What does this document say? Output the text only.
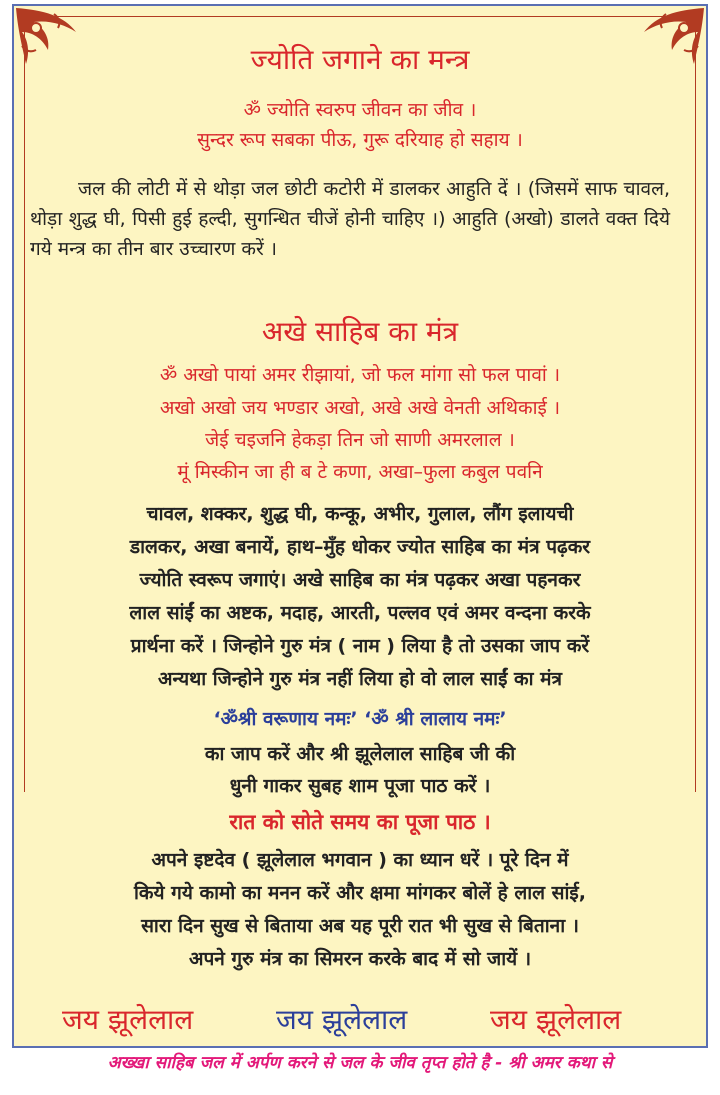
ज्योति जगाने का मन्त्र
ॐ ज्योति स्वरुप जीवन का जीव ।
सुन्दर रूप सबका पीऊ, गुरू दरियाह हो सहाय ।
जल की लोटी में से थोड़ा जल छोटी कटोरी में डालकर आहुति दें । (जिसमें साफ चावल, थोड़ा शुद्ध घी, पिसी हुई हल्दी, सुगन्धित चीजें होनी चाहिए ।) आहुति (अखो) डालते वक्त दिये गये मन्त्र का तीन बार उच्चारण करें ।
अखे साहिब का मंत्र
ॐ अखो पायां अमर रीझायां, जो फल मांगा सो फल पावां ।
अखो अखो जय भण्डार अखो, अखे अखे वेनती अथिकाई ।
जेई चइजनि हेकड़ा तिन जो साणी अमरलाल ।
मूं मिस्कीन जा ही ब टे कणा, अखा–फुला कबुल पवनि
चावल, शक्कर, शुद्ध घी, कन्कू, अभीर, गुलाल, लौंग इलायची
डालकर, अखा बनायें, हाथ–मुँह धोकर ज्योत साहिब का मंत्र पढ़कर
ज्योति स्वरूप जगाएं। अखे साहिब का मंत्र पढ़कर अखा पहनकर
लाल सांईं का अष्टक, मदाह, आरती, पल्लव एवं अमर वन्दना करके
प्रार्थना करें । जिन्होने गुरु मंत्र ( नाम ) लिया है तो उसका जाप करें
अन्यथा जिन्होने गुरु मंत्र नहीं लिया हो वो लाल साईं का मंत्र
‘ॐश्री वरूणाय नमः’ ‘ॐ श्री लालाय नमः’
का जाप करें और श्री झूलेलाल साहिब जी की
धुनी गाकर सुबह शाम पूजा पाठ करें ।
रात को सोते समय का पूजा पाठ ।
अपने इष्टदेव ( झूलेलाल भगवान ) का ध्यान धरें । पूरे दिन में
किये गये कामो का मनन करें और क्षमा मांगकर बोलें हे लाल सांई,
सारा दिन सुख से बिताया अब यह पूरी रात भी सुख से बिताना ।
अपने गुरु मंत्र का सिमरन करके बाद में सो जायें ।
जय झूलेलाल	जय झूलेलाल	जय झूलेलाल
अख्खा साहिब जल में अर्पण करने से जल के जीव तृप्त होते है - श्री अमर कथा से
